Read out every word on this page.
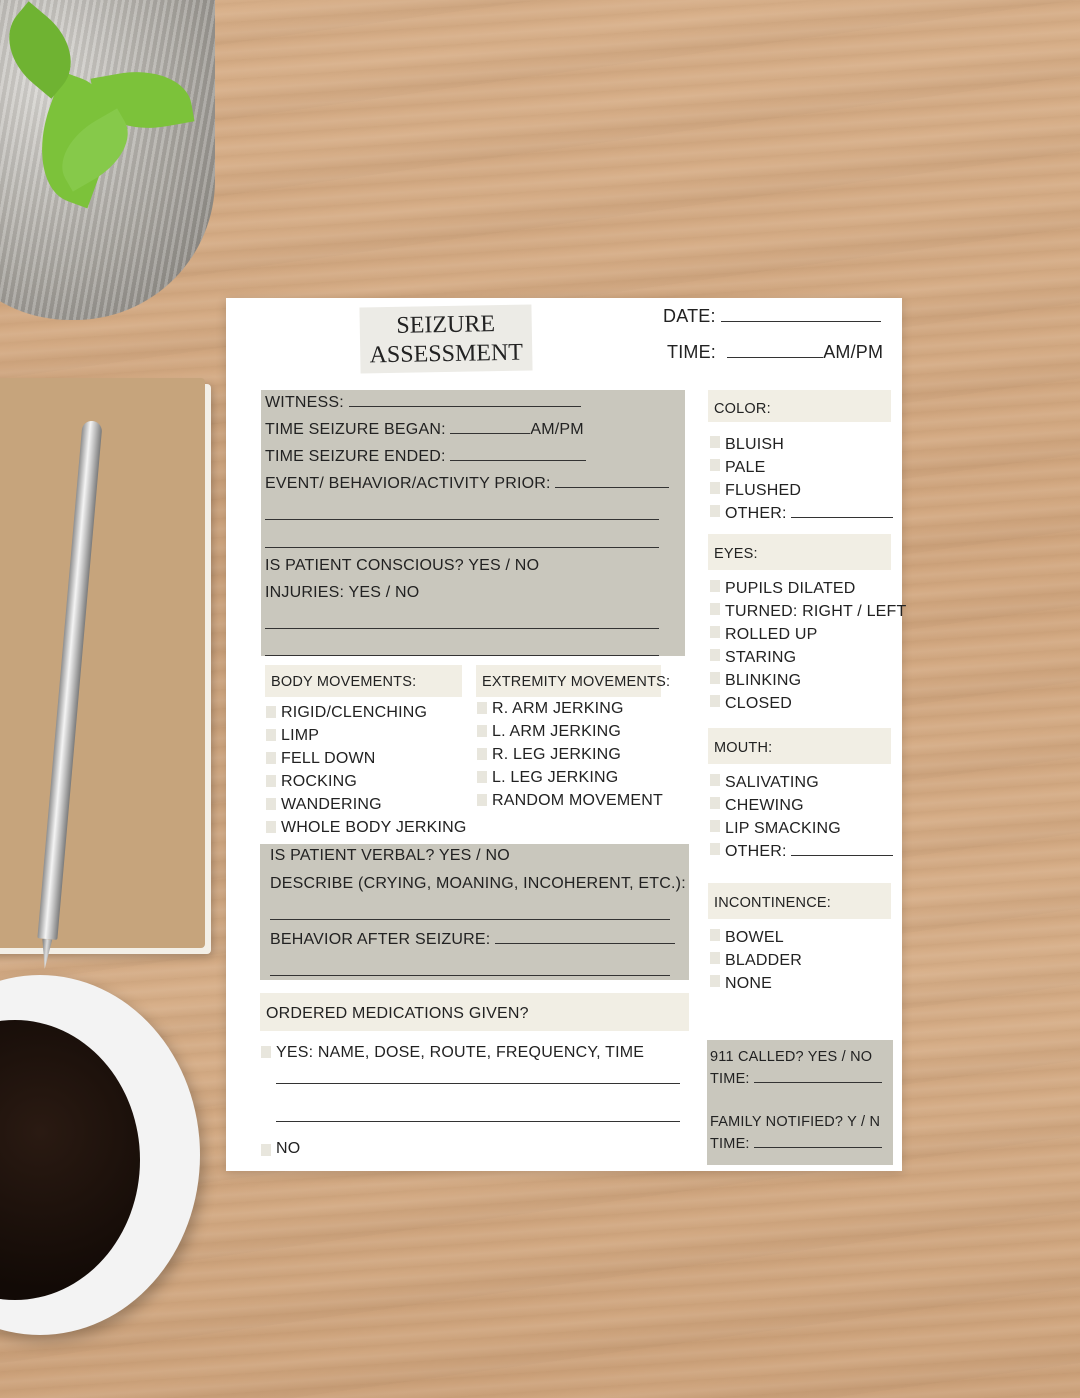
SEIZURE
ASSESSMENT
DATE:
TIME:	AM/PM
WITNESS:
TIME SEIZURE BEGAN:	AM/PM
TIME SEIZURE ENDED:
EVENT/ BEHAVIOR/ACTIVITY PRIOR:
IS PATIENT CONSCIOUS? YES / NO
INJURIES: YES / NO
BODY MOVEMENTS:
RIGID/CLENCHING
LIMP
FELL DOWN
ROCKING
WANDERING
WHOLE BODY JERKING
EXTREMITY MOVEMENTS:
R. ARM JERKING
L. ARM JERKING
R. LEG JERKING
L. LEG JERKING
RANDOM MOVEMENT
IS PATIENT VERBAL? YES / NO
DESCRIBE (CRYING, MOANING, INCOHERENT, ETC.):
BEHAVIOR AFTER SEIZURE:
ORDERED MEDICATIONS GIVEN?
YES: NAME, DOSE, ROUTE, FREQUENCY, TIME
NO
COLOR:
BLUISH
PALE
FLUSHED
OTHER:
EYES:
PUPILS DILATED
TURNED: RIGHT / LEFT
ROLLED UP
STARING
BLINKING
CLOSED
MOUTH:
SALIVATING
CHEWING
LIP SMACKING
OTHER:
INCONTINENCE:
BOWEL
BLADDER
NONE
911 CALLED? YES / NO
TIME:
FAMILY NOTIFIED? Y / N
TIME:
